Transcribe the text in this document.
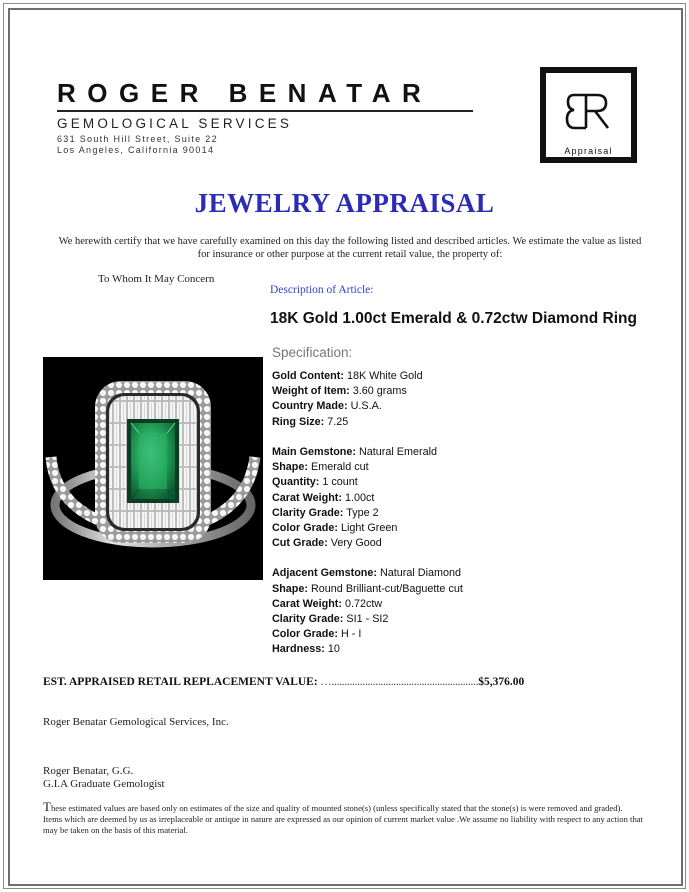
ROGER BENATAR
GEMOLOGICAL SERVICES
631 South Hill Street, Suite 22
Los Angeles, California 90014	Appraisal
JEWELRY APPRAISAL
We herewith certify that we have carefully examined on this day the following listed and described articles. We estimate the value as listed for insurance or other purpose at the current retail value, the property of:
To Whom It May Concern
Description of Article:
18K Gold 1.00ct Emerald & 0.72ctw Diamond Ring
Specification:
Gold Content: 18K White Gold
Weight of Item: 3.60 grams
Country Made: U.S.A.
Ring Size: 7.25
Main Gemstone: Natural Emerald
Shape: Emerald cut
Quantity: 1 count
Carat Weight: 1.00ct
Clarity Grade: Type 2
Color Grade: Light Green
Cut Grade: Very Good
Adjacent Gemstone: Natural Diamond
Shape: Round Brilliant-cut/Baguette cut
Carat Weight: 0.72ctw
Clarity Grade: SI1 - SI2
Color Grade: H - I
Hardness: 10
EST. APPRAISED RETAIL REPLACEMENT VALUE: ….........................................................$5,376.00
Roger Benatar Gemological Services, Inc.
Roger Benatar, G.G.
G.I.A Graduate Gemologist
These estimated values are based only on estimates of the size and quality of mounted stone(s) (unless specifically stated that the stone(s) is were removed and graded). Items which are deemed by us as irreplaceable or antique in nature are expressed as our opinion of current market value .We assume no liability with respect to any action that may be taken on the basis of this material.
